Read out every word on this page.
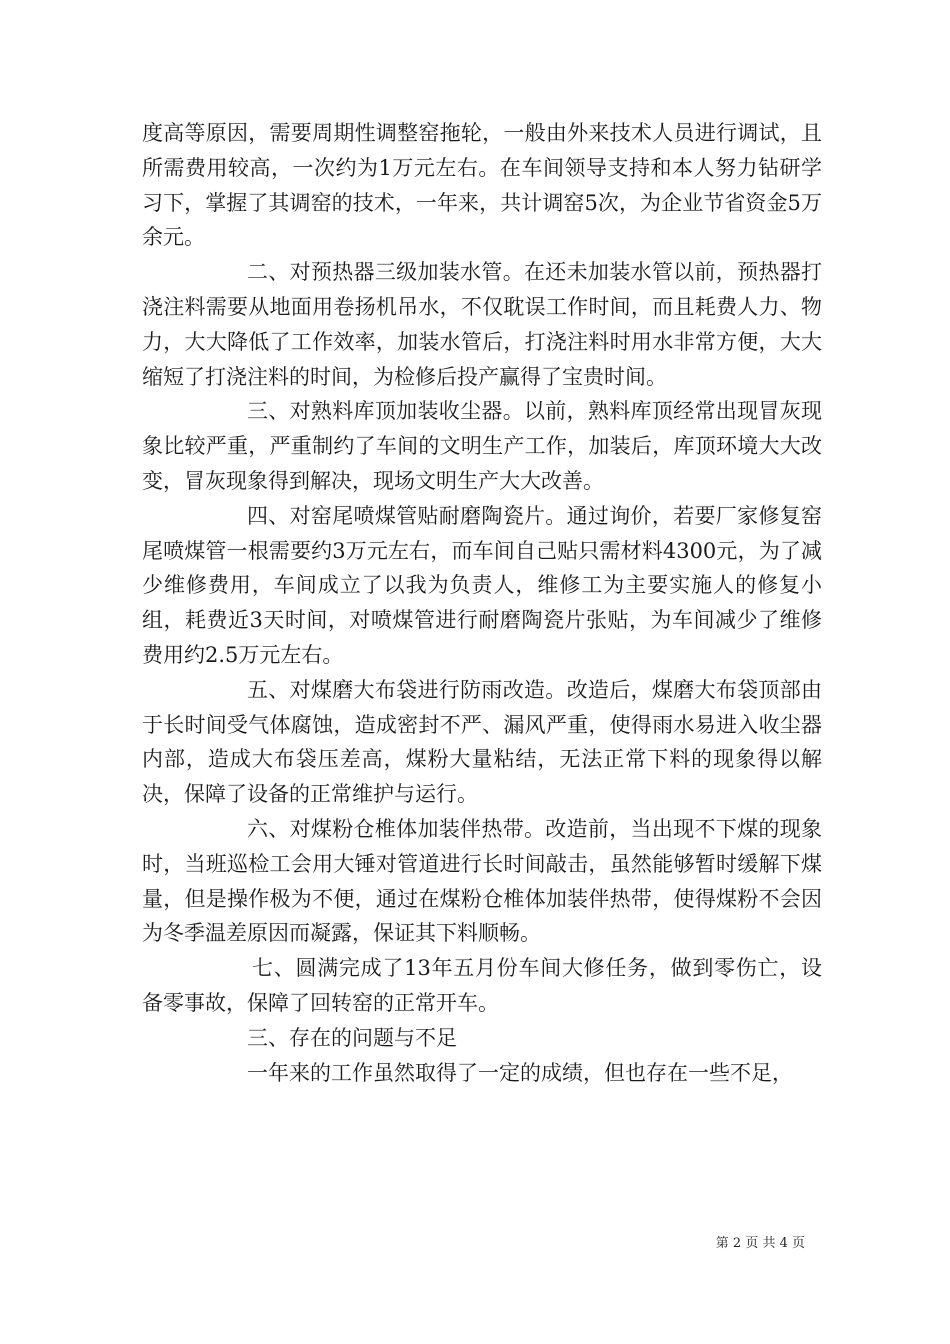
度高等原因，需要周期性调整窑拖轮，一般由外来技术人员进行调试，且所需费用较高，一次约为1万元左右。在车间领导支持和本人努力钻研学习下，掌握了其调窑的技术，一年来，共计调窑5次，为企业节省资金5万余元。

二、对预热器三级加装水管。在还未加装水管以前，预热器打浇注料需要从地面用卷扬机吊水，不仅耽误工作时间，而且耗费人力、物力，大大降低了工作效率，加装水管后，打浇注料时用水非常方便，大大缩短了打浇注料的时间，为检修后投产赢得了宝贵时间。

三、对熟料库顶加装收尘器。以前，熟料库顶经常出现冒灰现象比较严重，严重制约了车间的文明生产工作，加装后，库顶环境大大改变，冒灰现象得到解决，现场文明生产大大改善。

四、对窑尾喷煤管贴耐磨陶瓷片。通过询价，若要厂家修复窑尾喷煤管一根需要约3万元左右，而车间自己贴只需材料4300元，为了减少维修费用，车间成立了以我为负责人，维修工为主要实施人的修复小组，耗费近3天时间，对喷煤管进行耐磨陶瓷片张贴，为车间减少了维修费用约2.5万元左右。

五、对煤磨大布袋进行防雨改造。改造后，煤磨大布袋顶部由于长时间受气体腐蚀，造成密封不严、漏风严重，使得雨水易进入收尘器内部，造成大布袋压差高，煤粉大量粘结，无法正常下料的现象得以解决，保障了设备的正常维护与运行。

六、对煤粉仓椎体加装伴热带。改造前，当出现不下煤的现象时，当班巡检工会用大锤对管道进行长时间敲击，虽然能够暂时缓解下煤量，但是操作极为不便，通过在煤粉仓椎体加装伴热带，使得煤粉不会因为冬季温差原因而凝露，保证其下料顺畅。

七、圆满完成了13年五月份车间大修任务，做到零伤亡，设备零事故，保障了回转窑的正常开车。

三、存在的问题与不足

一年来的工作虽然取得了一定的成绩，但也存在一些不足，

第 2 页 共 4 页
